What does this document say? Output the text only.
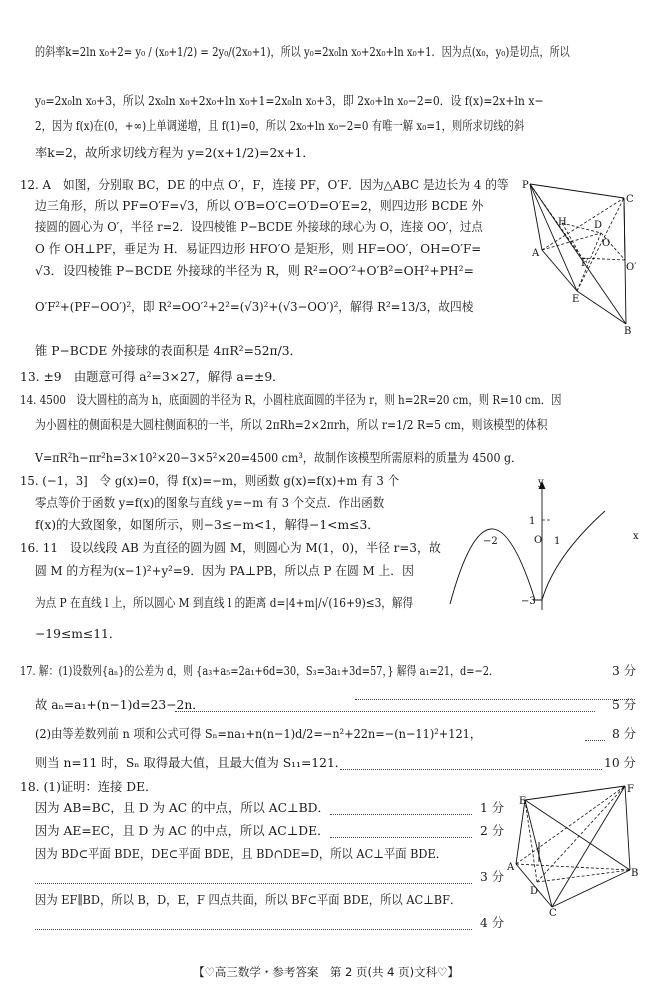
的斜率k=2ln x₀+2= y₀ / (x₀+1/2) = 2y₀/(2x₀+1)，所以 y₀=2x₀ln x₀+2x₀+ln x₀+1．因为点(x₀，y₀)是切点，所以
y₀=2x₀ln x₀+3，所以 2x₀ln x₀+2x₀+ln x₀+1=2x₀ln x₀+3，即 2x₀+ln x₀−2=0．设 f(x)=2x+ln x−
2，因为 f(x)在(0，+∞)上单调递增，且 f(1)=0，所以 2x₀+ln x₀−2=0 有唯一解 x₀=1，则所求切线的斜
率k=2，故所求切线方程为 y=2(x+1/2)=2x+1．
12. A　如图，分别取 BC，DE 的中点 O′，F，连接 PF，O′F．因为△ABC 是边长为 4 的等
边三角形，所以 PF=O′F=√3，所以 O′B=O′C=O′D=O′E=2，则四边形 BCDE 外
接圆的圆心为 O′，半径 r=2．设四棱锥 P−BCDE 外接球的球心为 O，连接 OO′，过点
O 作 OH⊥PF，垂足为 H．易证四边形 HFO′O 是矩形，则 HF=OO′，OH=O′F=
√3．设四棱锥 P−BCDE 外接球的半径为 R，则 R²=OO′²+O′B²=OH²+PH²=
O′F²+(PF−OO′)²，即 R²=OO′²+2²=(√3)²+(√3−OO′)²，解得 R²=13/3，故四棱
锥 P−BCDE 外接球的表面积是 4πR²=52π/3．
13. ±9　由题意可得 a²=3×27，解得 a=±9．
14. 4500　设大圆柱的高为 h，底面圆的半径为 R，小圆柱底面圆的半径为 r，则 h=2R=20 cm，则 R=10 cm．因
为小圆柱的侧面积是大圆柱侧面积的一半，所以 2πRh=2×2πrh，所以 r=1/2 R=5 cm，则该模型的体积
V=πR²h−πr²h=3×10²×20−3×5²×20=4500 cm³，故制作该模型所需原料的质量为 4500 g．
15. (−1，3]　令 g(x)=0，得 f(x)=−m，则函数 g(x)=f(x)+m 有 3 个
零点等价于函数 y=f(x)的图象与直线 y=−m 有 3 个交点．作出函数
f(x)的大致图象，如图所示，则−3≤−m<1，解得−1<m≤3．
16. 11　设以线段 AB 为直径的圆为圆 M，则圆心为 M(1，0)，半径 r=3，故
圆 M 的方程为(x−1)²+y²=9．因为 PA⊥PB，所以点 P 在圆 M 上．因
为点 P 在直线 l 上，所以圆心 M 到直线 l 的距离 d=|4+m|/√(16+9)≤3，解得
−19≤m≤11．
17. 解：(1)设数列{aₙ}的公差为 d，则 {a₃+a₅=2a₁+6d=30，S₃=3a₁+3d=57，} 解得 a₁=21，d=−2．
故 aₙ=a₁+(n−1)d=23−2n．
(2)由等差数列前 n 项和公式可得 Sₙ=na₁+n(n−1)d/2=−n²+22n=−(n−11)²+121，
则当 n=11 时，Sₙ 取得最大值，且最大值为 S₁₁=121．
18. (1)证明：连接 DE．
因为 AB=BC，且 D 为 AC 的中点，所以 AC⊥BD．
因为 AE=EC，且 D 为 AC 的中点，所以 AC⊥DE．
因为 BD⊂平面 BDE，DE⊂平面 BDE，且 BD∩DE=D，所以 AC⊥平面 BDE．
因为 EF∥BD，所以 B，D，E，F 四点共面，所以 BF⊂平面 BDE，所以 AC⊥BF．
3 分
5 分
8 分
10 分
1 分
2 分
3 分
4 分
P
C
H	D
A
F
O
O′
E
B
y
x
O
1
−2	1
−3
E
F
A
B
D
C
【♡高三数学・参考答案　第 2 页(共 4 页)文科♡】
